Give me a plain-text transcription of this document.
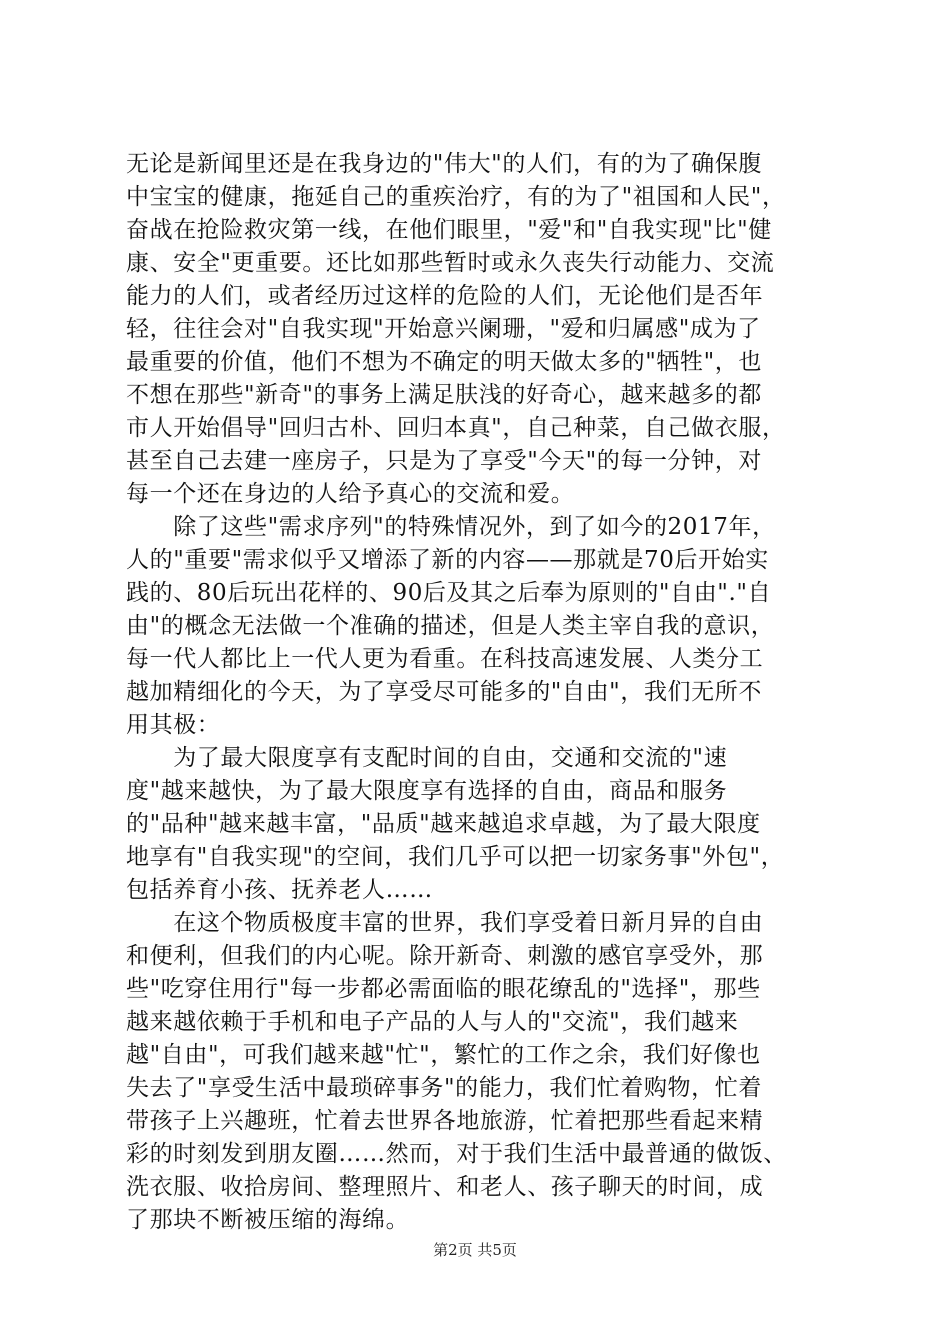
无论是新闻里还是在我身边的"伟大"的人们，有的为了确保腹
中宝宝的健康，拖延自己的重疾治疗，有的为了"祖国和人民"，
奋战在抢险救灾第一线，在他们眼里，"爱"和"自我实现"比"健
康、安全"更重要。还比如那些暂时或永久丧失行动能力、交流
能力的人们，或者经历过这样的危险的人们，无论他们是否年
轻，往往会对"自我实现"开始意兴阑珊，"爱和归属感"成为了
最重要的价值，他们不想为不确定的明天做太多的"牺牲"，也
不想在那些"新奇"的事务上满足肤浅的好奇心，越来越多的都
市人开始倡导"回归古朴、回归本真"，自己种菜，自己做衣服，
甚至自己去建一座房子，只是为了享受"今天"的每一分钟，对
每一个还在身边的人给予真心的交流和爱。
　　除了这些"需求序列"的特殊情况外，到了如今的2017年，
人的"重要"需求似乎又增添了新的内容——那就是70后开始实
践的、80后玩出花样的、90后及其之后奉为原则的"自由"."自
由"的概念无法做一个准确的描述，但是人类主宰自我的意识，
每一代人都比上一代人更为看重。在科技高速发展、人类分工
越加精细化的今天，为了享受尽可能多的"自由"，我们无所不
用其极：
　　为了最大限度享有支配时间的自由，交通和交流的"速
度"越来越快，为了最大限度享有选择的自由，商品和服务
的"品种"越来越丰富，"品质"越来越追求卓越，为了最大限度
地享有"自我实现"的空间，我们几乎可以把一切家务事"外包"，
包括养育小孩、抚养老人……
　　在这个物质极度丰富的世界，我们享受着日新月异的自由
和便利，但我们的内心呢。除开新奇、刺激的感官享受外，那
些"吃穿住用行"每一步都必需面临的眼花缭乱的"选择"，那些
越来越依赖于手机和电子产品的人与人的"交流"，我们越来
越"自由"，可我们越来越"忙"，繁忙的工作之余，我们好像也
失去了"享受生活中最琐碎事务"的能力，我们忙着购物，忙着
带孩子上兴趣班，忙着去世界各地旅游，忙着把那些看起来精
彩的时刻发到朋友圈……然而，对于我们生活中最普通的做饭、
洗衣服、收拾房间、整理照片、和老人、孩子聊天的时间，成
了那块不断被压缩的海绵。
第2页 共5页
